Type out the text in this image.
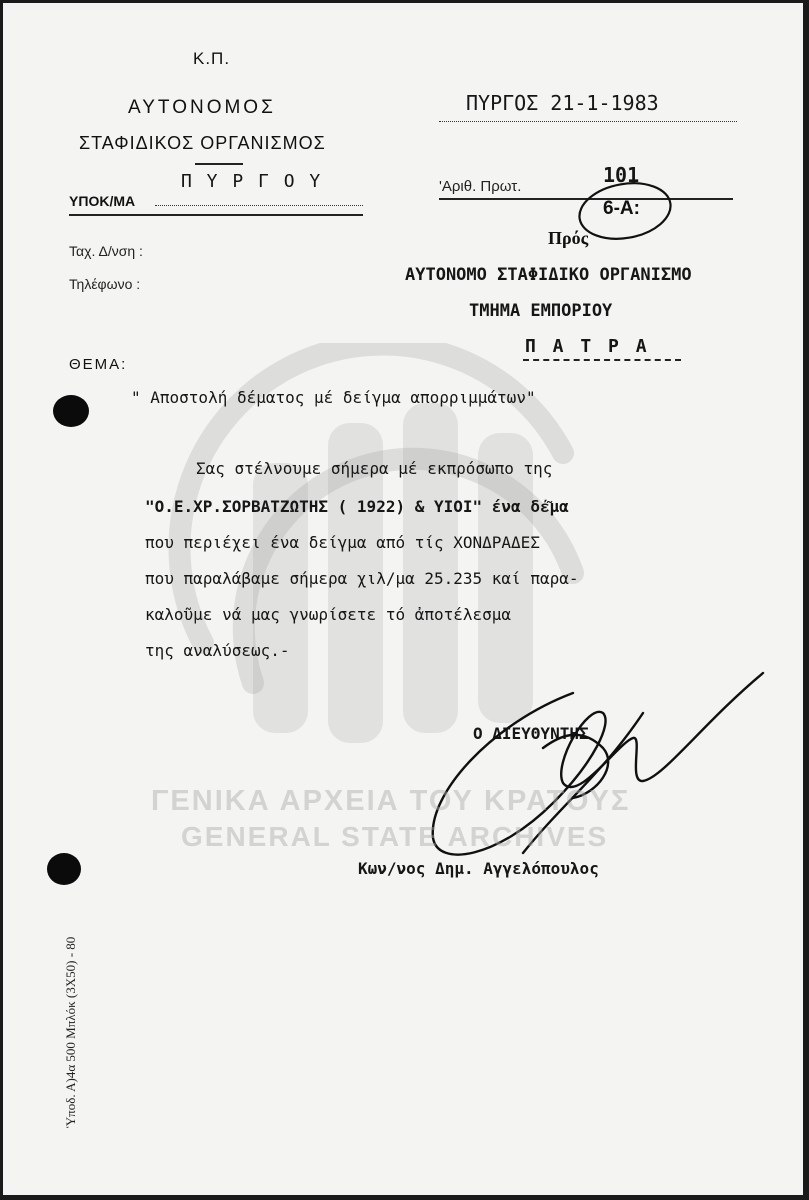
Κ.Π.
ΑΥΤΟΝΟΜΟΣ
ΣΤΑΦΙΔΙΚΟΣ ΟΡΓΑΝΙΣΜΟΣ
Π Υ Ρ Γ Ο Υ
ΥΠΟΚ/ΜΑ
Ταχ. Δ/νση :
Τηλέφωνο :
ΠΥΡΓΟΣ 21-1-1983
'Αριθ. Πρωτ.	101
6-Α:
Πρός
ΑΥΤΟΝΟΜΟ ΣΤΑΦΙΔΙΚΟ ΟΡΓΑΝΙΣΜΟ
ΤΜΗΜΑ ΕΜΠΟΡΙΟΥ
Π Α Τ Ρ Α
ΘΕΜΑ:
" Αποστολή δέματος μέ δείγμα απορριμμάτων"
Σας στέλνουμε σήμερα μέ εκπρόσωπο της
"Ο.Ε.ΧΡ.ΣΟΡΒΑΤΖΩΤΗΣ ( 1922) & ΥΙΟΙ" ένα δέ͂μα
που περιέχει ένα δείγμα από τίς ΧΟΝΔΡΑΔΕΣ
που παραλάβαμε σήμερα χιλ/μα 25.235 καί παρα-
καλοῦμε νά μας γνωρίσετε τό ἀποτέλεσμα
της αναλύσεως.-
Ο ΔΙΕΥΘΥΝΤΗΣ
Κων/νος Δημ. Αγγελόπουλος
ΓΕΝΙΚΑ ΑΡΧΕΙΑ ΤΟΥ ΚΡΑΤΟΥΣ
GENERAL STATE ARCHIVES
Ὑποδ. Α)4α 500 Μπλόκ (3Χ50) - 80
